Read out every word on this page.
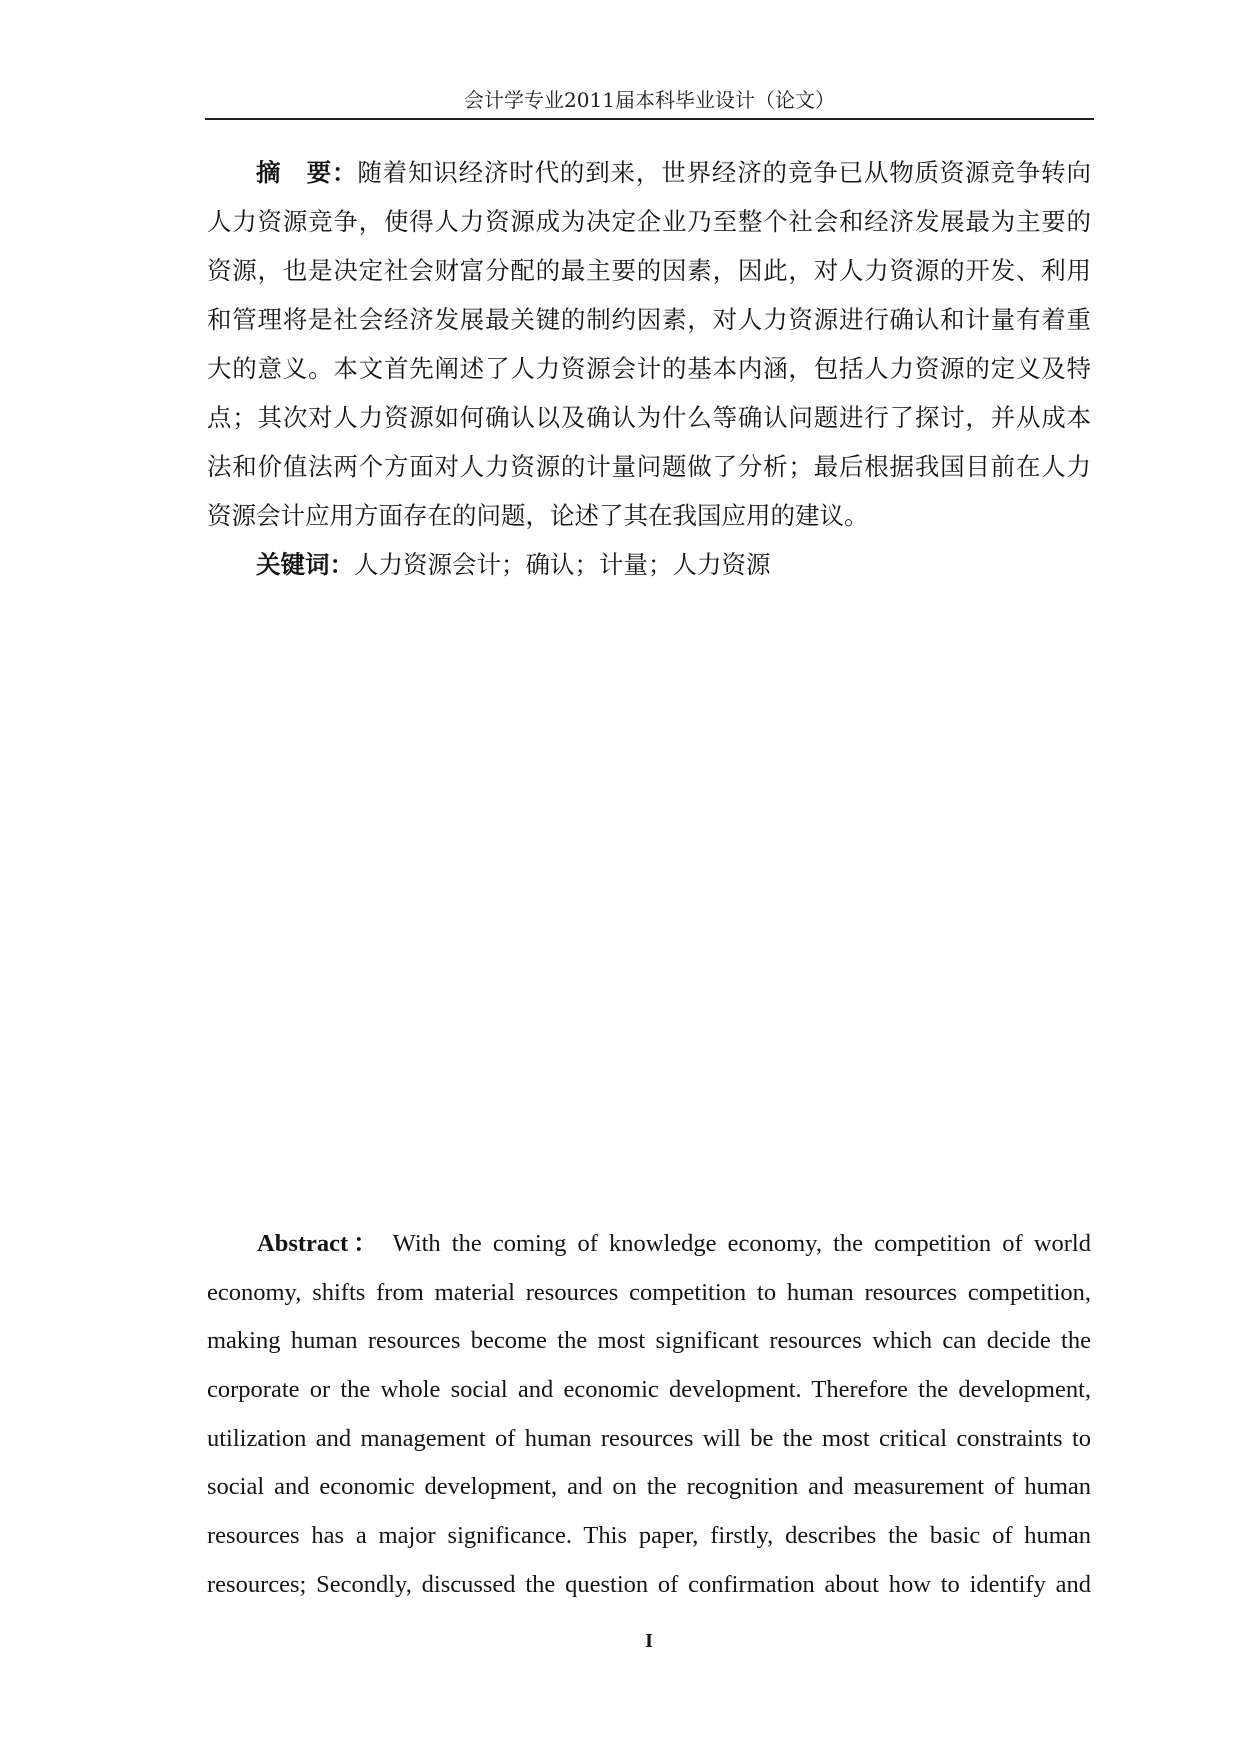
会计学专业2011届本科毕业设计（论文）
摘　要：随着知识经济时代的到来，世界经济的竞争已从物质资源竞争转向
人力资源竞争，使得人力资源成为决定企业乃至整个社会和经济发展最为主要的
资源，也是决定社会财富分配的最主要的因素，因此，对人力资源的开发、利用
和管理将是社会经济发展最关键的制约因素，对人力资源进行确认和计量有着重
大的意义。本文首先阐述了人力资源会计的基本内涵，包括人力资源的定义及特
点；其次对人力资源如何确认以及确认为什么等确认问题进行了探讨，并从成本
法和价值法两个方面对人力资源的计量问题做了分析；最后根据我国目前在人力
资源会计应用方面存在的问题，论述了其在我国应用的建议。
关键词：人力资源会计；确认；计量；人力资源
Abstract： With the coming of knowledge economy, the competition of world
economy, shifts from material resources competition to human resources competition,
making human resources become the most significant resources which can decide the
corporate or the whole social and economic development. Therefore the development,
utilization and management of human resources will be the most critical constraints to
social and economic development, and on the recognition and measurement of human
resources has a major significance. This paper, firstly, describes the basic of human
resources; Secondly, discussed the question of confirmation about how to identify and
I
